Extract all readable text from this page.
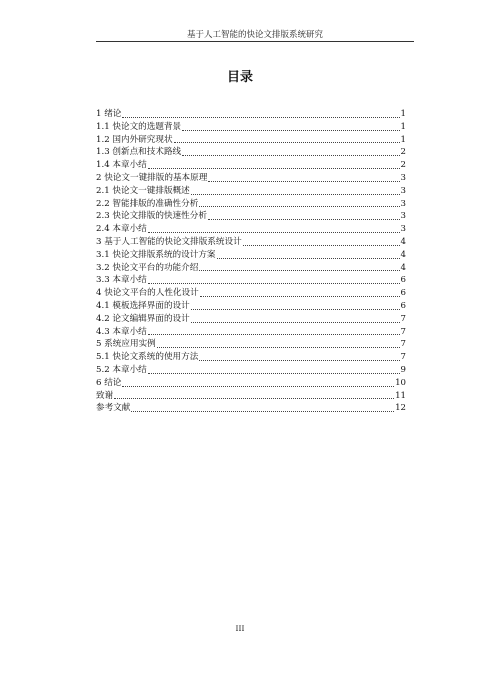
基于人工智能的快论文排版系统研究
目录
1 绪论	1
1.1 快论文的选题背景	1
1.2 国内外研究现状	1
1.3 创新点和技术路线	2
1.4 本章小结	2
2 快论文一键排版的基本原理	3
2.1 快论文一键排版概述	3
2.2 智能排版的准确性分析	3
2.3 快论文排版的快速性分析	3
2.4 本章小结	3
3 基于人工智能的快论文排版系统设计	4
3.1 快论文排版系统的设计方案	4
3.2 快论文平台的功能介绍	4
3.3 本章小结	6
4 快论文平台的人性化设计	6
4.1 模板选择界面的设计	6
4.2 论文编辑界面的设计	7
4.3 本章小结	7
5 系统应用实例	7
5.1 快论文系统的使用方法	7
5.2 本章小结	9
6 结论	10
致谢	11
参考文献	12
III
